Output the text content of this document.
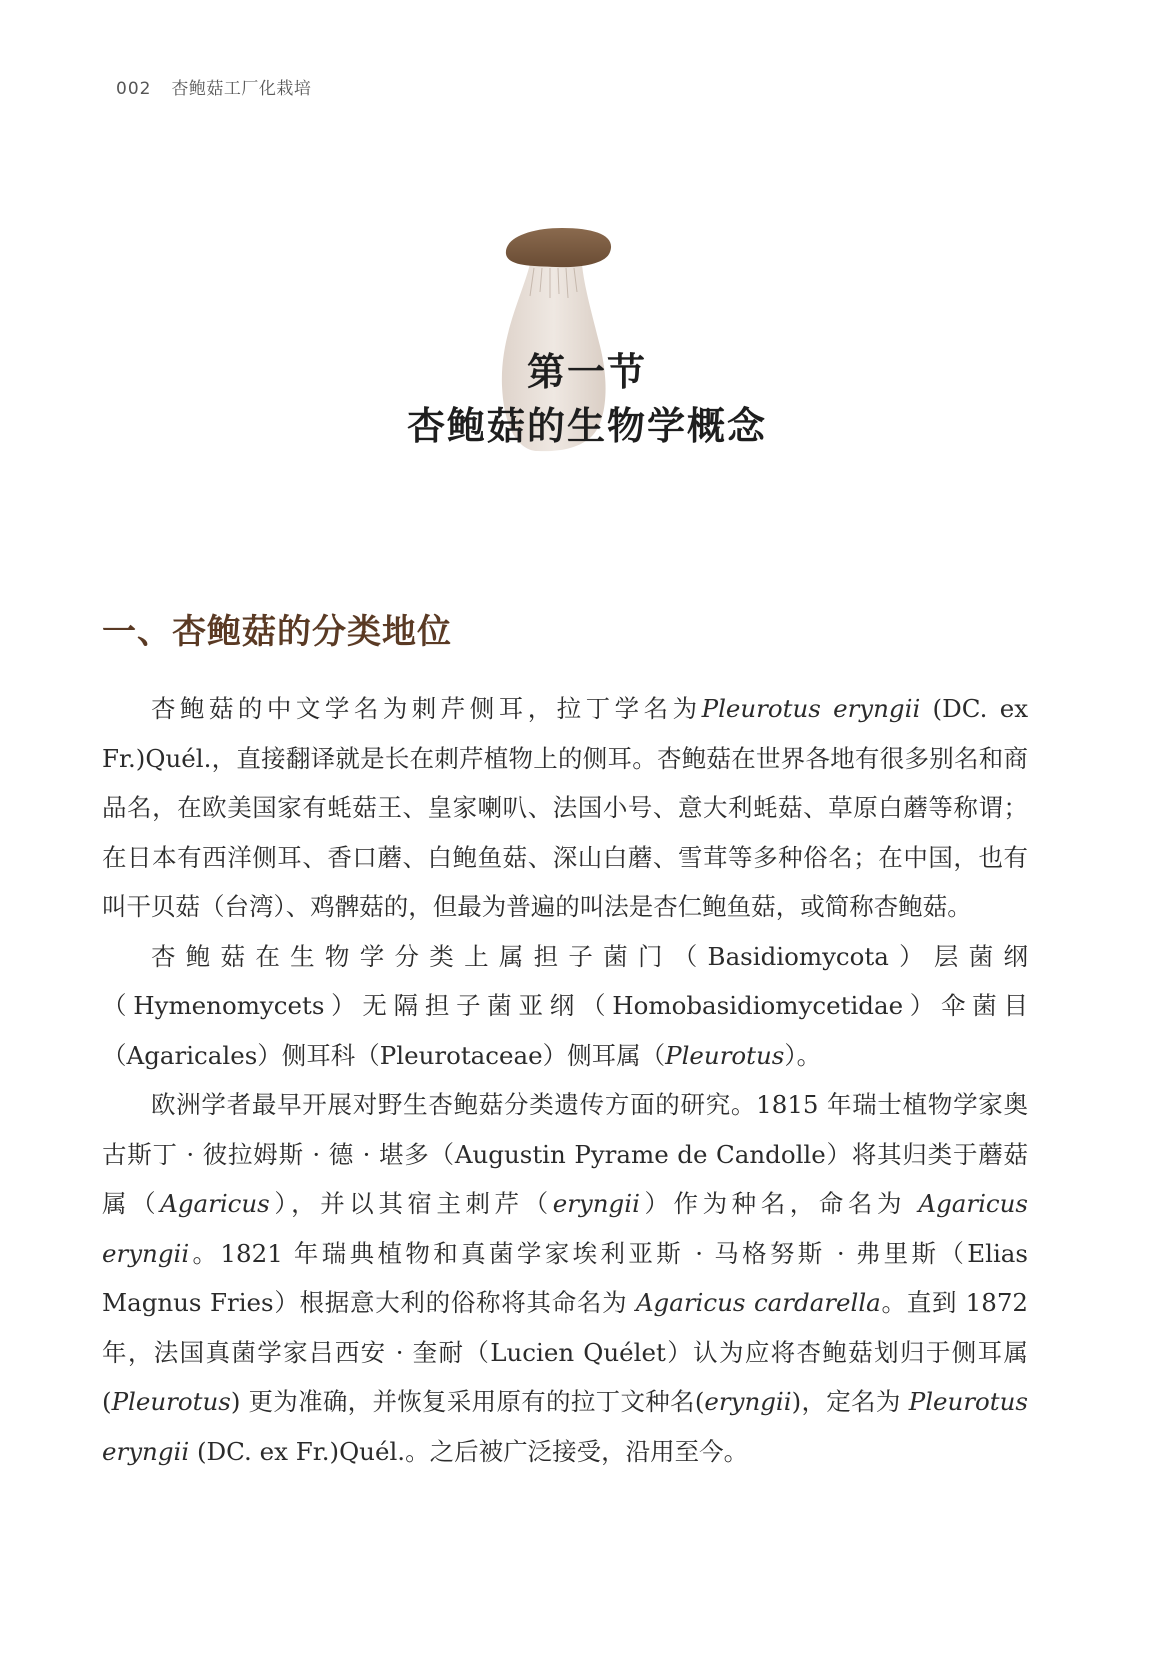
002 杏鲍菇工厂化栽培
第一节
杏鲍菇的生物学概念
一、杏鲍菇的分类地位

杏鲍菇的中文学名为刺芹侧耳，拉丁学名为Pleurotus eryngii (DC. ex Fr.)Quél.，直接翻译就是长在刺芹植物上的侧耳。杏鲍菇在世界各地有很多别名和商品名，在欧美国家有蚝菇王、皇家喇叭、法国小号、意大利蚝菇、草原白蘑等称谓；在日本有西洋侧耳、香口蘑、白鲍鱼菇、深山白蘑、雪茸等多种俗名；在中国，也有叫干贝菇（台湾）、鸡髀菇的，但最为普遍的叫法是杏仁鲍鱼菇，或简称杏鲍菇。

杏鲍菇在生物学分类上属担子菌门（Basidiomycota）层菌纲（Hymenomycets）无隔担子菌亚纲（Homobasidiomycetidae）伞菌目（Agaricales）侧耳科（Pleurotaceae）侧耳属（Pleurotus）。

欧洲学者最早开展对野生杏鲍菇分类遗传方面的研究。1815 年瑞士植物学家奥古斯丁 · 彼拉姆斯 · 德 · 堪多（Augustin Pyrame de Candolle）将其归类于蘑菇属（Agaricus），并以其宿主刺芹（eryngii）作为种名，命名为 Agaricus eryngii。1821 年瑞典植物和真菌学家埃利亚斯 · 马格努斯 · 弗里斯（Elias Magnus Fries）根据意大利的俗称将其命名为 Agaricus cardarella。直到 1872 年，法国真菌学家吕西安 · 奎耐（Lucien Quélet）认为应将杏鲍菇划归于侧耳属(Pleurotus) 更为准确，并恢复采用原有的拉丁文种名(eryngii)，定名为 Pleurotus eryngii (DC. ex Fr.)Quél.。之后被广泛接受，沿用至今。
